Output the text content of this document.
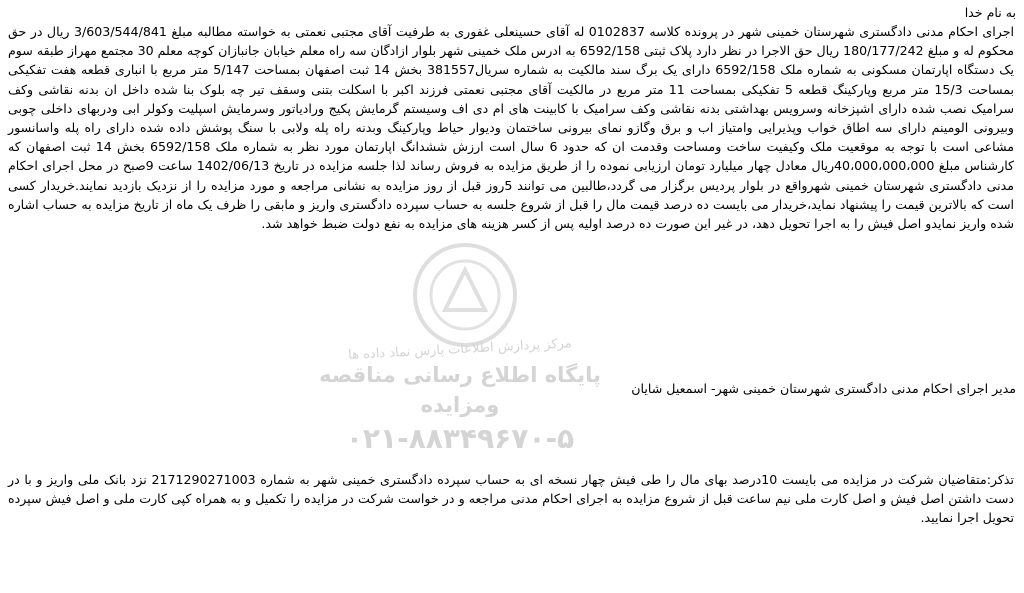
مرکز پردازش اطلاعات پارس نماد داده ها
پایگاه اطلاع رسانی مناقصه ومزایده
۰۲۱-۸۸۳۴۹۶۷۰-۵
به نام خدا

اجرای احکام مدنی دادگستری شهرستان خمینی شهر در پرونده کلاسه 0102837 له آقای حسینعلی غفوری به طرفیت آقای مجتبی نعمتی به خواسته مطالبه مبلغ 3/603/544/841 ریال در حق محکوم له و مبلغ 180/177/242 ریال حق الاجرا در نظر دارد پلاک ثبتی 6592/158 به ادرس ملک خمینی شهر بلوار ازادگان سه راه معلم خیابان جانبازان کوچه معلم 30 مجتمع مهراز طبقه سوم یک دستگاه اپارتمان مسکونی به شماره ملک 6592/158 دارای یک برگ سند مالکیت به شماره سریال381557 بخش 14 ثبت اصفهان بمساحت 5/147 متر مربع با انباری قطعه هفت تفکیکی بمساحت 15/3 متر مربع وپارکینگ قطعه 5 تفکیکی بمساحت 11 متر مربع در مالکیت آقای مجتبی نعمتی فرزند اکبر با اسکلت بتنی وسقف تیر چه بلوک بنا شده داخل ان بدنه نقاشی وکف سرامیک نصب شده دارای اشپزخانه وسرویس بهداشتی بدنه نقاشی وکف سرامیک با کابینت های ام دی اف وسیستم گرمایش پکیج ورادیاتور وسرمایش اسپلیت وکولر ابی ودربهای داخلی چوبی وبیرونی الومینم دارای سه اطاق خواب وپذیرایی وامتیاز اب و برق وگازو نمای بیرونی ساختمان ودیوار حیاط وپارکینگ وبدنه راه پله ولابی با سنگ پوشش داده شده دارای راه پله واسانسور مشاعی است با توجه به موقعیت ملک وکیفیت ساخت ومساحت وقدمت ان که حدود 6 سال است ارزش ششدانگ اپارتمان مورد نظر به شماره ملک 6592/158 بخش 14 ثبت اصفهان که کارشناس مبلغ 40،000،000،000ریال معادل چهار میلیارد تومان ارزیابی نموده را از طریق مزایده به فروش رساند لذا جلسه مزایده در تاریخ 1402/06/13 ساعت 9صبح در محل اجرای احکام مدنی دادگستری شهرستان خمینی شهرواقع در بلوار پردیس برگزار می گردد،طالبین می توانند 5روز قبل از روز مزایده به نشانی مراجعه و مورد مزایده را از نزدیک بازدید نمایند.خریدار کسی است که بالاترین قیمت را پیشنهاد نماید،خریدار می بایست ده درصد قیمت مال را قبل از شروع جلسه به حساب سپرده دادگستری واریز و مابقی را ظرف یک ماه از تاریخ مزایده به حساب اشاره شده واریز نمایدو اصل فیش را به اجرا تحویل دهد، در غیر این صورت ده درصد اولیه پس از کسر هزینه های مزایده به نفع دولت ضبط خواهد شد.

مدیر اجرای احکام مدنی دادگستری شهرستان خمینی شهر- اسمعیل شایان

تذکر:متقاضیان شرکت در مزایده می بایست 10درصد بهای مال را طی فیش چهار نسخه ای به حساب سپرده دادگستری خمینی شهر به شماره 2171290271003 نزد بانک ملی واریز و با در دست داشتن اصل فیش و اصل کارت ملی نیم ساعت قبل از شروع مزایده به اجرای احکام مدنی مراجعه و در خواست شرکت در مزایده را تکمیل و به همراه کپی کارت ملی و اصل فیش سپرده تحویل اجرا نمایید.
